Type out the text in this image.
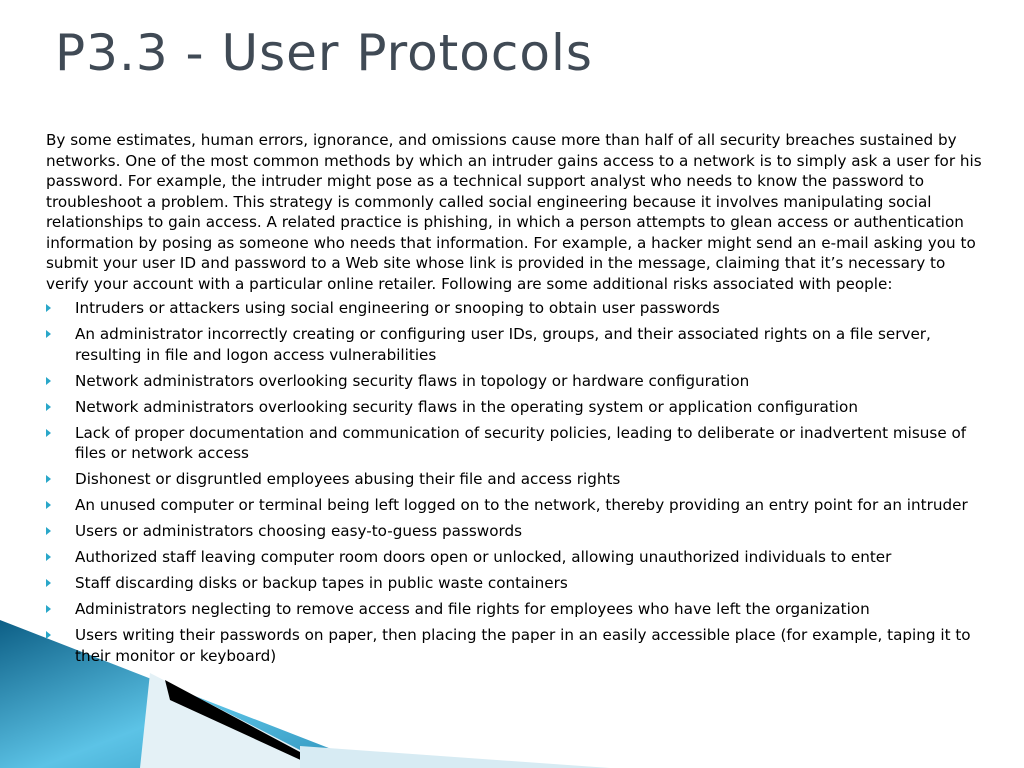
P3.3 - User Protocols

By some estimates, human errors, ignorance, and omissions cause more than half of all security breaches sustained by networks. One of the most common methods by which an intruder gains access to a network is to simply ask a user for his password. For example, the intruder might pose as a technical support analyst who needs to know the password to troubleshoot a problem. This strategy is commonly called social engineering because it involves manipulating social relationships to gain access. A related practice is phishing, in which a person attempts to glean access or authentication information by posing as someone who needs that information. For example, a hacker might send an e-mail asking you to submit your user ID and password to a Web site whose link is provided in the message, claiming that it’s necessary to verify your account with a particular online retailer. Following are some additional risks associated with people:

Intruders or attackers using social engineering or snooping to obtain user passwords
An administrator incorrectly creating or configuring user IDs, groups, and their associated rights on a file server, resulting in file and logon access vulnerabilities
Network administrators overlooking security flaws in topology or hardware configuration
Network administrators overlooking security flaws in the operating system or application configuration
Lack of proper documentation and communication of security policies, leading to deliberate or inadvertent misuse of files or network access
Dishonest or disgruntled employees abusing their file and access rights
An unused computer or terminal being left logged on to the network, thereby providing an entry point for an intruder
Users or administrators choosing easy-to-guess passwords
Authorized staff leaving computer room doors open or unlocked, allowing unauthorized individuals to enter
Staff discarding disks or backup tapes in public waste containers
Administrators neglecting to remove access and file rights for employees who have left the organization
Users writing their passwords on paper, then placing the paper in an easily accessible place (for example, taping it to their monitor or keyboard)
